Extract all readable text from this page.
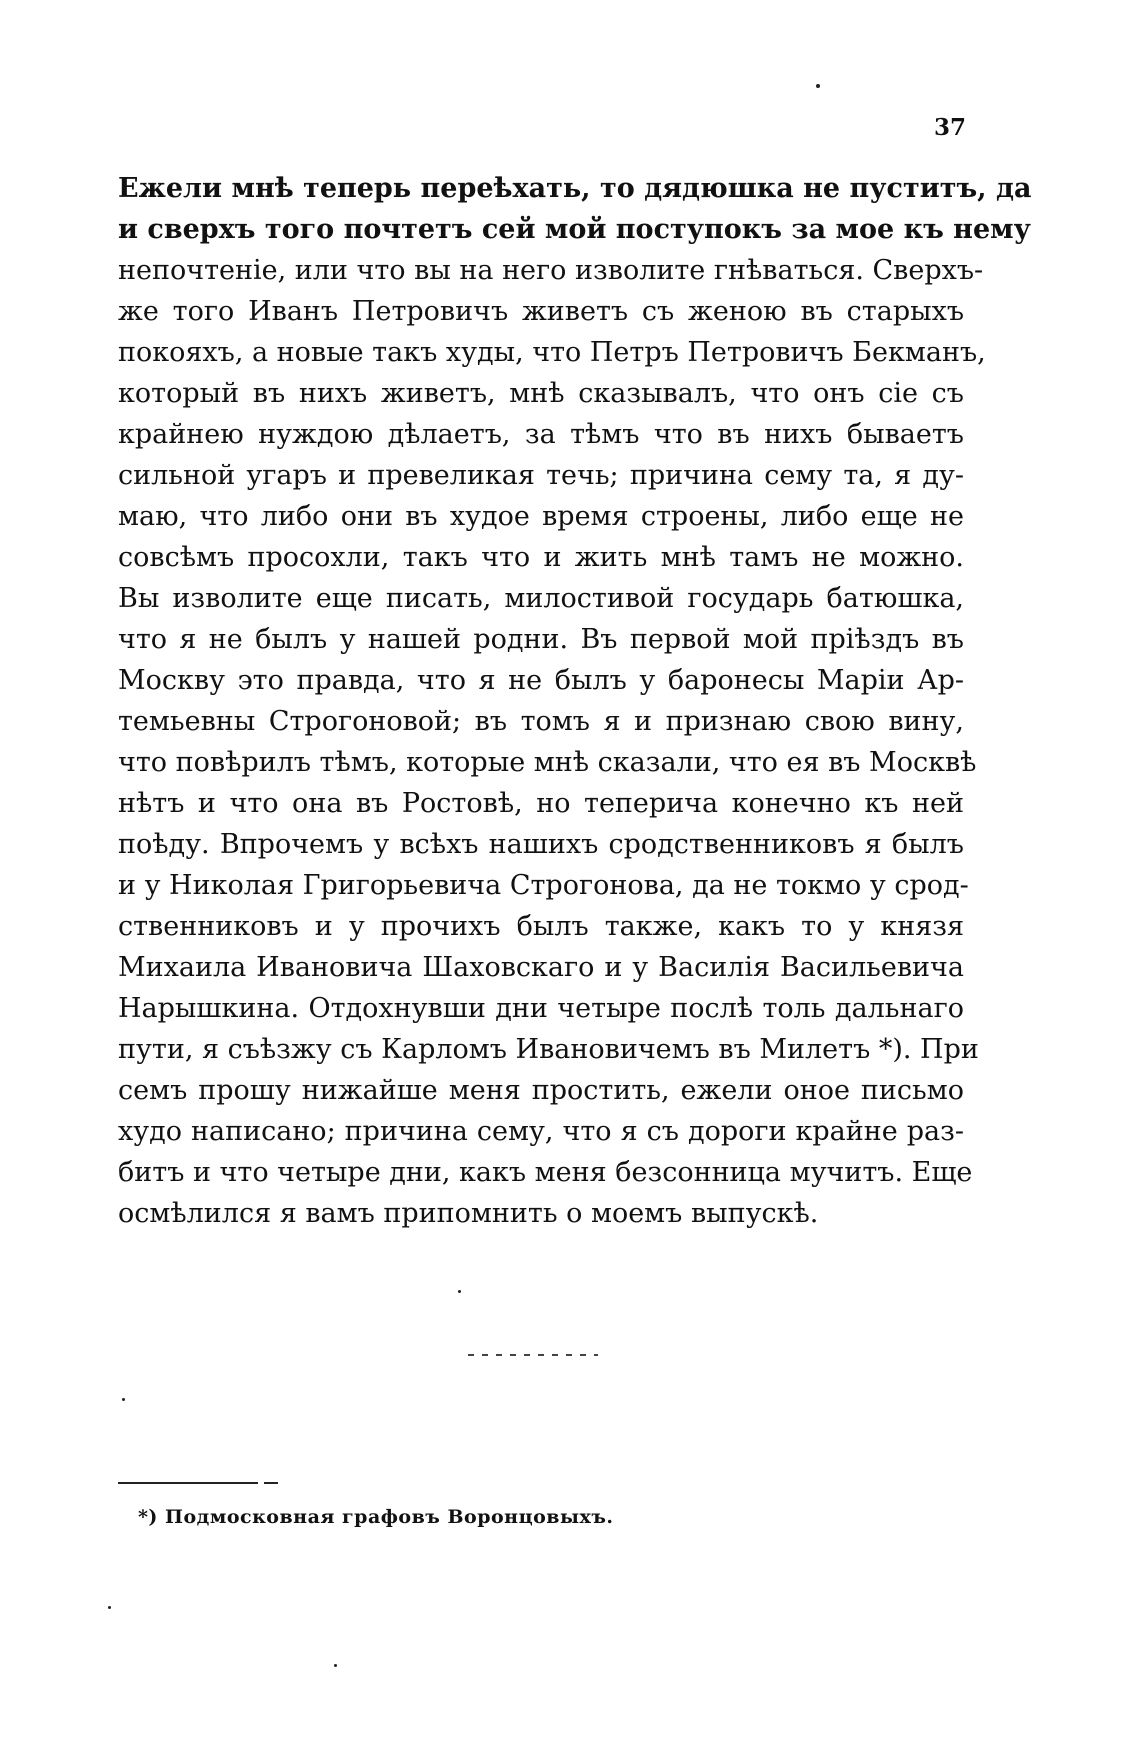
37
Ежели мнѣ теперь переѣхать, то дядюшка не пуститъ, да
и сверхъ того почтетъ сей мой поступокъ за мое къ нему
непочтеніе, или что вы на него изволите гнѣваться. Сверхъ-
же того Иванъ Петровичъ живетъ съ женою въ старыхъ
покояхъ, а новые такъ худы, что Петръ Петровичъ Бекманъ,
который въ нихъ живетъ, мнѣ сказывалъ, что онъ сіе съ
крайнею нуждою дѣлаетъ, за тѣмъ что въ нихъ бываетъ
сильной угаръ и превеликая течь; причина сему та, я ду-
маю, что либо они въ худое время строены, либо еще не
совсѣмъ просохли, такъ что и жить мнѣ тамъ не можно.
Вы изволите еще писать, милостивой государь батюшка,
что я не былъ у нашей родни. Въ первой мой пріѣздъ въ
Москву это правда, что я не былъ у баронесы Маріи Ар-
темьевны Строгоновой; въ томъ я и признаю свою вину,
что повѣрилъ тѣмъ, которые мнѣ сказали, что ея въ Москвѣ
нѣтъ и что она въ Ростовѣ, но теперича конечно къ ней
поѣду. Впрочемъ у всѣхъ нашихъ сродственниковъ я былъ
и у Николая Григорьевича Строгонова, да не токмо у срод-
ственниковъ и у прочихъ былъ также, какъ то у князя
Михаила Ивановича Шаховскаго и у Василія Васильевича
Нарышкина. Отдохнувши дни четыре послѣ толь дальнаго
пути, я съѣзжу съ Карломъ Ивановичемъ въ Милетъ *). При
семъ прошу нижайше меня простить, ежели оное письмо
худо написано; причина сему, что я съ дороги крайне раз-
битъ и что четыре дни, какъ меня безсонница мучитъ. Еще
осмѣлился я вамъ припомнить о моемъ выпускѣ.
*) Подмосковная графовъ Воронцовыхъ.
